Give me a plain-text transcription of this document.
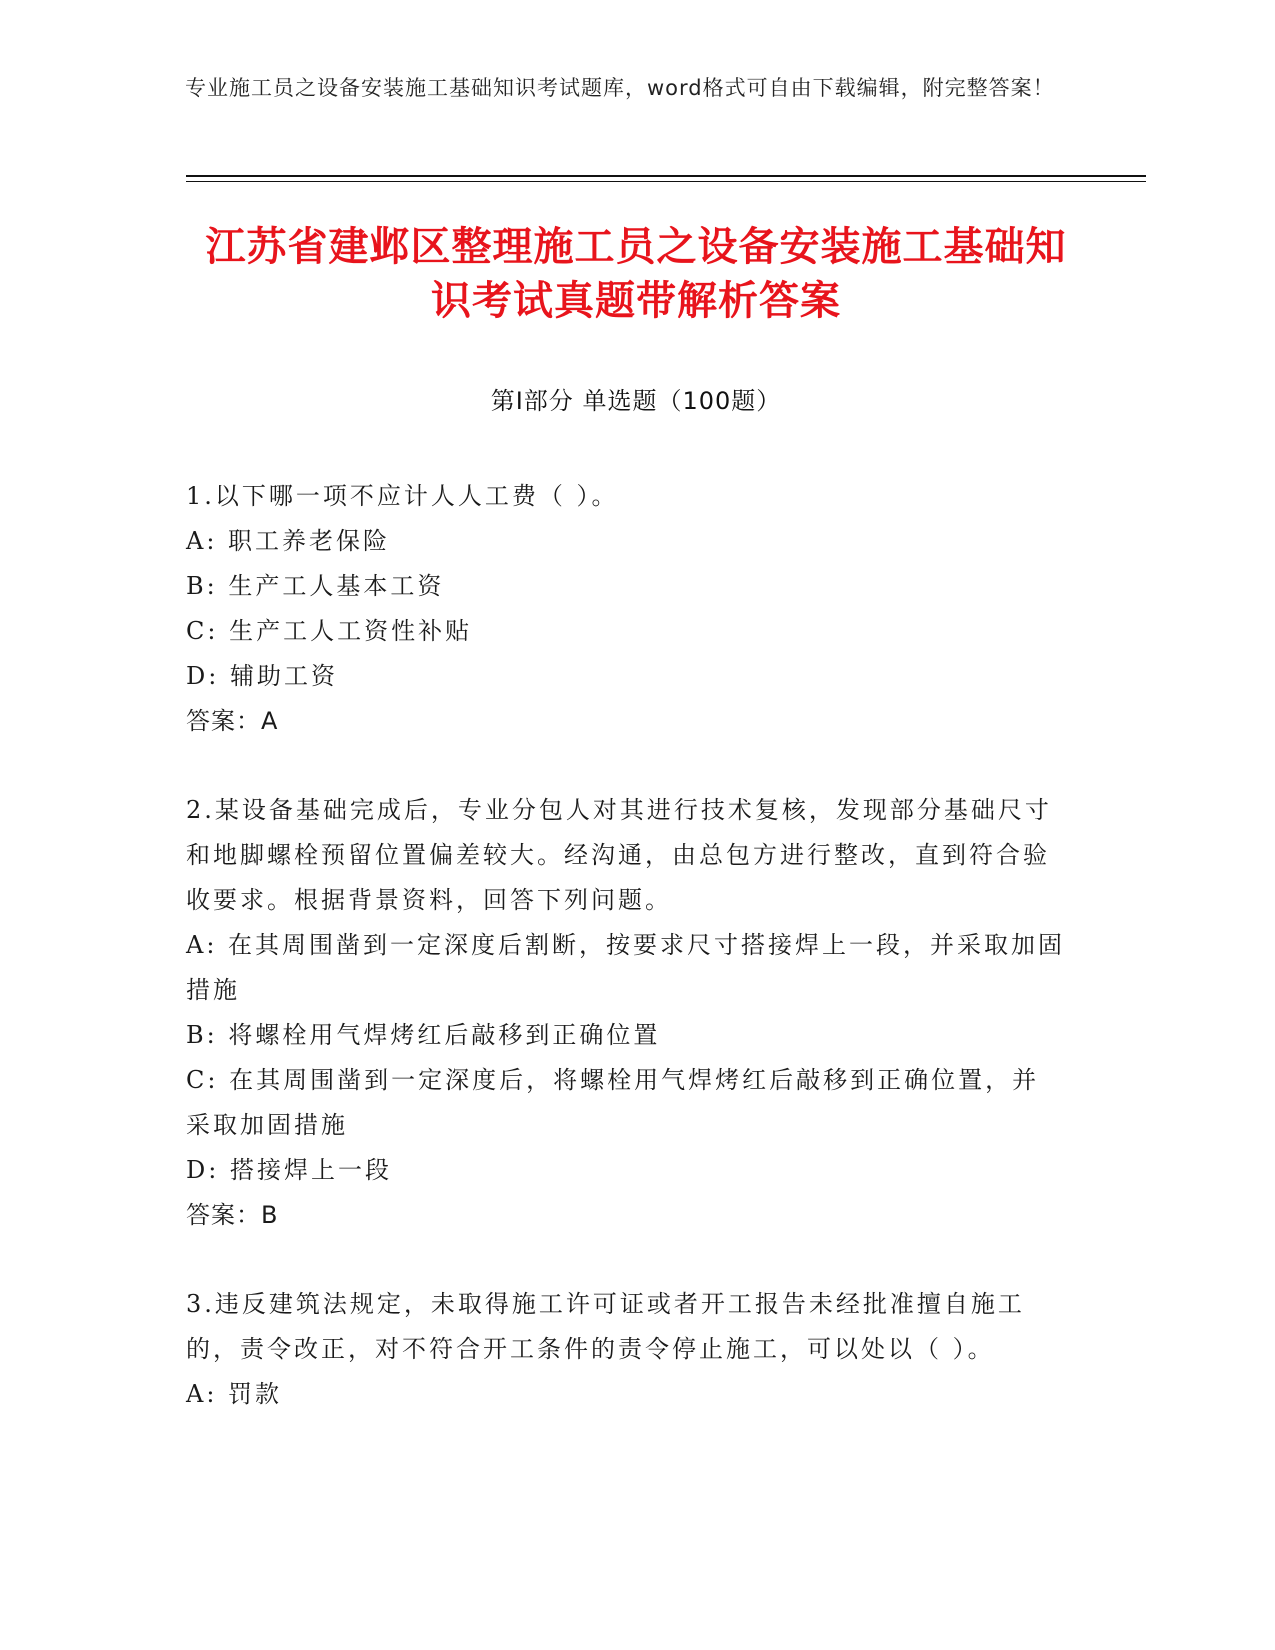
专业施工员之设备安装施工基础知识考试题库，word格式可自由下载编辑，附完整答案！
江苏省建邺区整理施工员之设备安装施工基础知识考试真题带解析答案
第Ⅰ部分 单选题（100题）
1.以下哪一项不应计人人工费（ ）。
A: 职工养老保险
B: 生产工人基本工资
C: 生产工人工资性补贴
D: 辅助工资
答案：A
2.某设备基础完成后，专业分包人对其进行技术复核，发现部分基础尺寸和地脚螺栓预留位置偏差较大。经沟通，由总包方进行整改，直到符合验收要求。根据背景资料，回答下列问题。
A: 在其周围凿到一定深度后割断，按要求尺寸搭接焊上一段，并采取加固措施
B: 将螺栓用气焊烤红后敲移到正确位置
C: 在其周围凿到一定深度后，将螺栓用气焊烤红后敲移到正确位置，并采取加固措施
D: 搭接焊上一段
答案：B
3.违反建筑法规定，未取得施工许可证或者开工报告未经批准擅自施工的，责令改正，对不符合开工条件的责令停止施工，可以处以（ ）。
A: 罚款
